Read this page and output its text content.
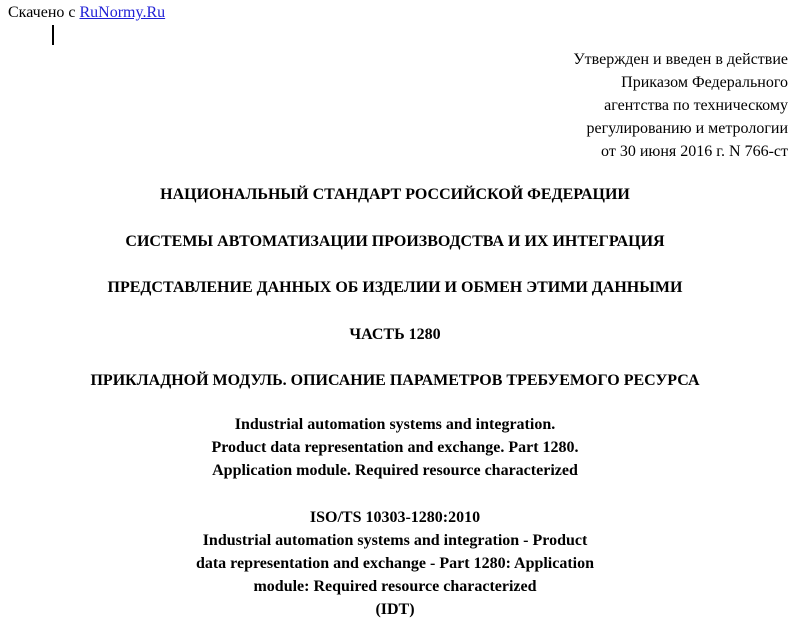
Скачено с RuNormy.Ru
Утвержден и введен в действие
Приказом Федерального
агентства по техническому
регулированию и метрологии
от 30 июня 2016 г. N 766-ст
НАЦИОНАЛЬНЫЙ СТАНДАРТ РОССИЙСКОЙ ФЕДЕРАЦИИ
СИСТЕМЫ АВТОМАТИЗАЦИИ ПРОИЗВОДСТВА И ИХ ИНТЕГРАЦИЯ
ПРЕДСТАВЛЕНИЕ ДАННЫХ ОБ ИЗДЕЛИИ И ОБМЕН ЭТИМИ ДАННЫМИ
ЧАСТЬ 1280
ПРИКЛАДНОЙ МОДУЛЬ. ОПИСАНИЕ ПАРАМЕТРОВ ТРЕБУЕМОГО РЕСУРСА
Industrial automation systems and integration.
Product data representation and exchange. Part 1280.
Application module. Required resource characterized
ISO/TS 10303-1280:2010
Industrial automation systems and integration - Product
data representation and exchange - Part 1280: Application
module: Required resource characterized
(IDT)
